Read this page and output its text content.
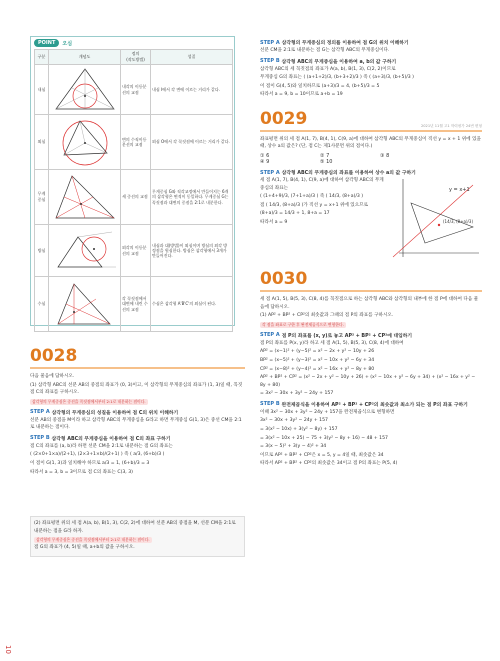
10
POINT	오심
구분	개념도	정의
(작도방법)	성질
내심		내각의 이등분선의 교점	내심 I에서 각 변에 이르는 거리가 같다.
외심		변의 수직이등분선의 교점	외심 O에서 각 꼭짓점에 이르는 거리가 같다.
무게중심		세 중선의 교점	무게중심 G와 직각교정에서 만들어지는 6개의 삼각형은 면적이 동일하다. 무게중심 G는 꼭짓점과 대변의 중점을 2:1로 내분한다.
방심		외각의 이등분선의 교점	내심과 대(방법)이 외심이며 방심의 외각 방정점을 원심한다. 방심은 삼각형에서 3개가 만들어진다.
수심		각 꼭짓점에서 대변에 내린 수선의 교점	수심은 삼각형 A'B'C'의 외심이 된다.
0028

다음 물음에 답하시오.

(1) 삼각형 ABC의 선분 AB의 중점의 좌표가 (0, 3)이고, 이 삼각형의 무게중심의 좌표가 (1, 3)일 때, 꼭짓점 C의 좌표를 구하시오.

삼각형의 무게중심은 중선을 꼭짓점에서부터 2:1로 내분하는 점이다.
STEP A 삼각형의 무게중심의 성질을 이용하여 점 C의 위치 이해하기

선분 AB의 중점을 M이라 하고 삼각형 ABC의 무게중심을 G라고 하면 무게중심 G(1, 3)은 중선 CM을 2:1로 내분하는 점이다.

STEP B 삼각형 ABC의 무게중심을 이용하여 점 C의 좌표 구하기

점 C의 좌표를 (a, b)라 하면 선분 CM을 2:1로 내분하는 점 G의 좌표는

( (2×0+1×a)/(2+1), (2×3+1×b)/(2+1) ) 즉 ( a/3, (6+b)/3 )

이 점이 G(1, 3)과 일치해야 하므로 a/3 = 1, (6+b)/3 = 3

따라서 a = 3, b = 3이므로 점 C의 좌표는 C(3, 3)

(2) 좌표평면 위의 세 점 A(a, b), B(1, 3), C(2, 2)에 대하여 선분 AB의 중점을 M, 선분 CM을 2:1로 내분하는 점을 G라 하자.

삼각형의 무게중심은 중선을 꼭짓점에서부터 2:1로 내분하는 점이다.

점 G의 좌표가 (4, 5)일 때, a+b의 값을 구하시오.

STEP A 삼각형의 무게중심의 정의를 이용하여 점 G의 위치 이해하기

선분 CM을 2:1로 내분하는 점 G는 삼각형 ABC의 무게중심이다.

STEP B 삼각형 ABC의 무게중심을 이용하여 a, b의 값 구하기

삼각형 ABC의 세 꼭짓점의 좌표가 A(a, b), B(1, 3), C(2, 2)이므로

무게중심 G의 좌표는 ( (a+1+2)/3, (b+3+2)/3 ) 즉 ( (a+3)/3, (b+5)/3 )

이 점이 G(4, 5)와 일치하므로 (a+3)/3 = 4, (b+5)/3 = 5

따라서 a = 9, b = 10이므로 a+b = 19

0029	2021년 11월 고1 학력평가 24번 변형

좌표평면 위의 세 점 A(1, 7), B(4, 1), C(9, a)에 대하여 삼각형 ABC의 무게중심이 직선 y = x + 1 위에 있을 때, 상수 a의 값은? (단, 점 C는 제1사분면 위의 점이다.)

① 6	② 7	③ 8
④ 9	⑤ 10
STEP A 삼각형 ABC의 무게중심의 좌표를 이용하여 상수 a의 값 구하기

세 점 A(1, 7), B(4, 1), C(9, a)에 대하여 삼각형 ABC의 무게중심의 좌표는

( (1+4+9)/3, (7+1+a)/3 ) 즉 ( 14/3, (8+a)/3 )

점 ( 14/3, (8+a)/3 )가 직선 y = x+1 위에 있으므로

(8+a)/3 = 14/3 + 1, 8+a = 17

따라서 a = 9

y = x+1
(14/3, (8+a)/3)
0030

세 점 A(1, 5), B(5, 3), C(8, 4)를 꼭짓점으로 하는 삼각형 ABC와 삼각형의 내부에 한 점 P에 대하여 다음 물음에 답하시오.

(1) AP² + BP² + CP²의 최솟값과 그때의 점 P의 좌표를 구하시오.

각 점을 좌표로 구한 후 완전제곱식으로 변형한다.
STEP A 점 P의 좌표를 (x, y)로 놓고 AP² + BP² + CP²에 대입하기

점 P의 좌표를 P(x, y)라 하고 세 점 A(1, 5), B(5, 3), C(8, 4)에 대하여

AP² = (x−1)² + (y−5)² = x² − 2x + y² − 10y + 26

BP² = (x−5)² + (y−3)² = x² − 10x + y² − 6y + 34

CP² = (x−8)² + (y−4)² = x² − 16x + y² − 8y + 80

AP² + BP² + CP² = (x² − 2x + y² − 10y + 26) + (x² − 10x + y² − 6y + 34) + (x² − 16x + y² − 8y + 80)

= 3x² − 30x + 3y² − 24y + 157

STEP B 완전제곱식을 이용하여 AP² + BP² + CP²의 최솟값과 최소가 되는 점 P의 좌표 구하기

이때 3x² − 30x + 3y² − 24y + 157을 완전제곱식으로 변형하면

3x² − 30x + 3y² − 24y + 157

= 3(x² − 10x) + 3(y² − 8y) + 157

= 3(x² − 10x + 25) − 75 + 3(y² − 8y + 16) − 48 + 157

= 3(x − 5)² + 3(y − 4)² + 34

이므로 AP² + BP² + CP²은 x = 5, y = 4일 때, 최솟값은 34

따라서 AP² + BP² + CP²의 최솟값은 34이고 점 P의 좌표는 P(5, 4)
